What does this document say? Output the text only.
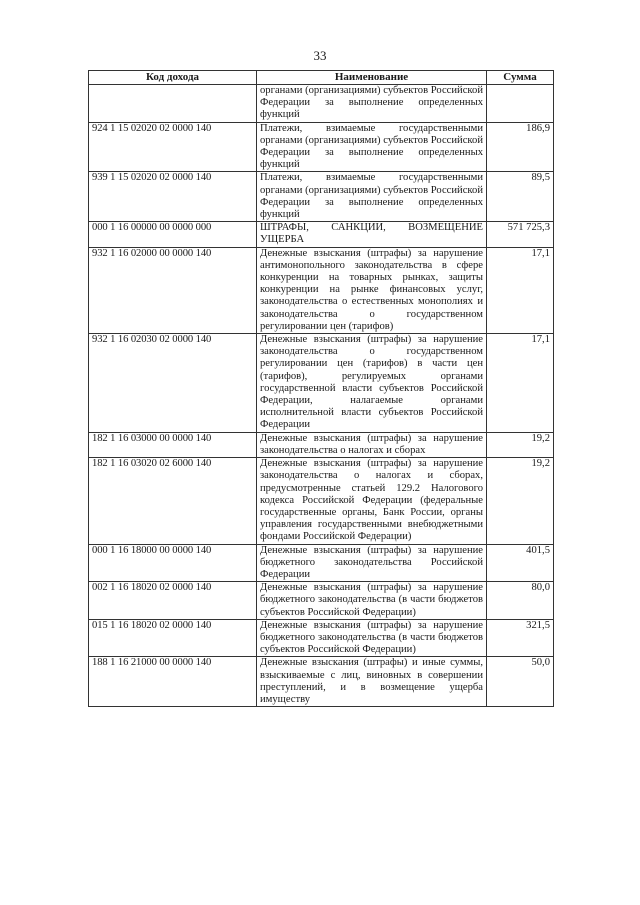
33
Код дохода	Наименование	Сумма
	органами (организациями) субъектов Российской Федерации за выполнение определенных функций	
924 1 15 02020 02 0000 140	Платежи, взимаемые государственными органами (организациями) субъектов Российской Федерации за выполнение определенных функций	186,9
939 1 15 02020 02 0000 140	Платежи, взимаемые государственными органами (организациями) субъектов Российской Федерации за выполнение определенных функций	89,5
000 1 16 00000 00 0000 000	ШТРАФЫ, САНКЦИИ, ВОЗМЕЩЕНИЕ УЩЕРБА	571 725,3
932 1 16 02000 00 0000 140	Денежные взыскания (штрафы) за нарушение антимонопольного законодательства в сфере конкуренции на товарных рынках, защиты конкуренции на рынке финансовых услуг, законодательства о естественных монополиях и законодательства о государственном регулировании цен (тарифов)	17,1
932 1 16 02030 02 0000 140	Денежные взыскания (штрафы) за нарушение законодательства о государственном регулировании цен (тарифов) в части цен (тарифов), регулируемых органами государственной власти субъектов Российской Федерации, налагаемые органами исполнительной власти субъектов Российской Федерации	17,1
182 1 16 03000 00 0000 140	Денежные взыскания (штрафы) за нарушение законодательства о налогах и сборах	19,2
182 1 16 03020 02 6000 140	Денежные взыскания (штрафы) за нарушение законодательства о налогах и сборах, предусмотренные статьей 129.2 Налогового кодекса Российской Федерации (федеральные государственные органы, Банк России, органы управления государственными внебюджетными фондами Российской Федерации)	19,2
000 1 16 18000 00 0000 140	Денежные взыскания (штрафы) за нарушение бюджетного законодательства Российской Федерации	401,5
002 1 16 18020 02 0000 140	Денежные взыскания (штрафы) за нарушение бюджетного законодательства (в части бюджетов субъектов Российской Федерации)	80,0
015 1 16 18020 02 0000 140	Денежные взыскания (штрафы) за нарушение бюджетного законодательства (в части бюджетов субъектов Российской Федерации)	321,5
188 1 16 21000 00 0000 140	Денежные взыскания (штрафы) и иные суммы, взыскиваемые с лиц, виновных в совершении преступлений, и в возмещение ущерба имуществу	50,0
